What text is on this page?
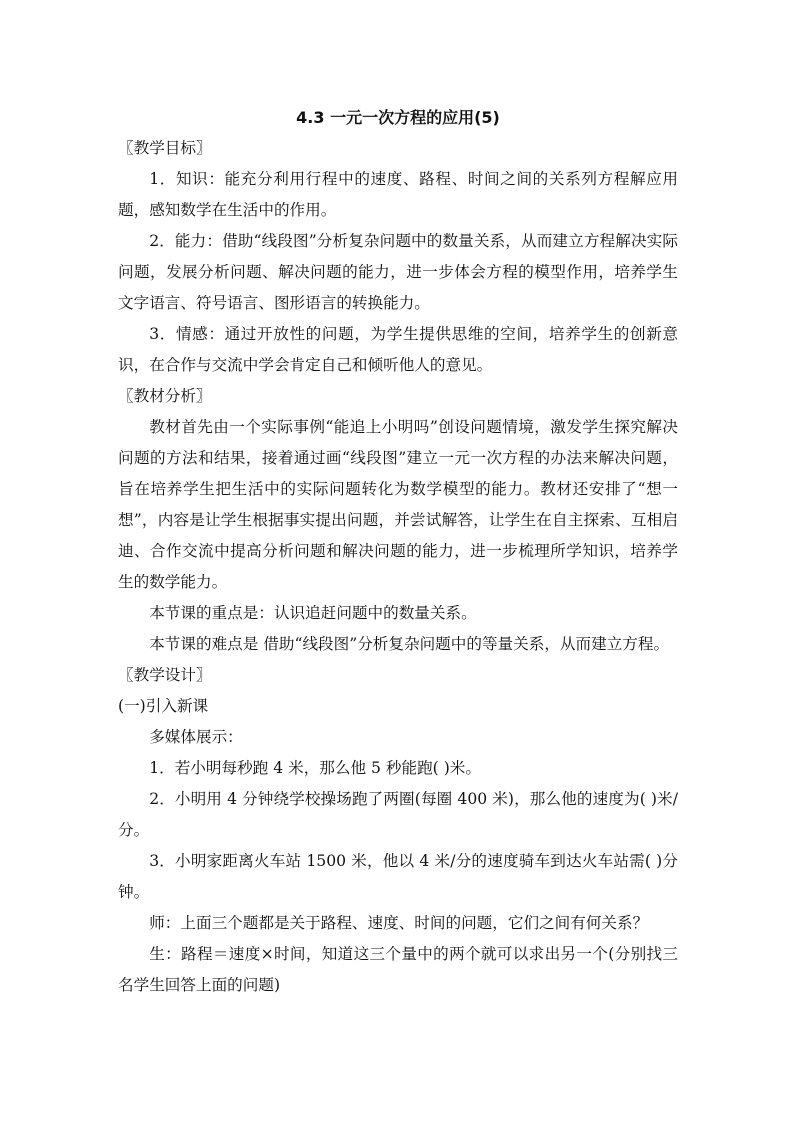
4.3 一元一次方程的应用(5)
〖教学目标〗

1．知识：能充分利用行程中的速度、路程、时间之间的关系列方程解应用题，感知数学在生活中的作用。

2．能力：借助“线段图”分析复杂问题中的数量关系，从而建立方程解决实际问题，发展分析问题、解决问题的能力，进一步体会方程的模型作用，培养学生文字语言、符号语言、图形语言的转换能力。

3．情感：通过开放性的问题，为学生提供思维的空间，培养学生的创新意识，在合作与交流中学会肯定自己和倾听他人的意见。

〖教材分析〗

教材首先由一个实际事例“能追上小明吗”创设问题情境，激发学生探究解决问题的方法和结果，接着通过画“线段图”建立一元一次方程的办法来解决问题，旨在培养学生把生活中的实际问题转化为数学模型的能力。教材还安排了“想一想”，内容是让学生根据事实提出问题，并尝试解答，让学生在自主探索、互相启迪、合作交流中提高分析问题和解决问题的能力，进一步梳理所学知识，培养学生的数学能力。

本节课的重点是：认识追赶问题中的数量关系。

本节课的难点是 借助“线段图”分析复杂问题中的等量关系，从而建立方程。

〖教学设计〗

(一)引入新课

多媒体展示：

1．若小明每秒跑 4 米，那么他 5 秒能跑( )米。

2．小明用 4 分钟绕学校操场跑了两圈(每圈 400 米)，那么他的速度为( )米/分。

3．小明家距离火车站 1500 米，他以 4 米/分的速度骑车到达火车站需( )分钟。

师：上面三个题都是关于路程、速度、时间的问题，它们之间有何关系？

生：路程＝速度×时间，知道这三个量中的两个就可以求出另一个(分别找三名学生回答上面的问题)
